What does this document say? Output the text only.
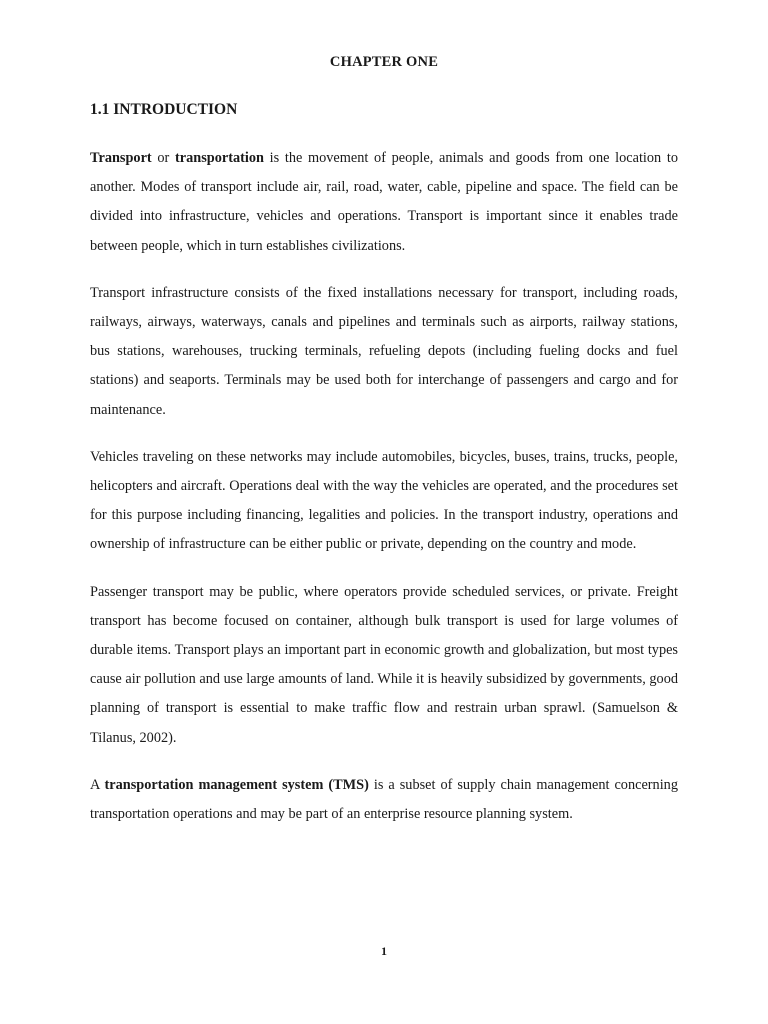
CHAPTER ONE
1.1 INTRODUCTION

Transport or transportation is the movement of people, animals and goods from one location to another. Modes of transport include air, rail, road, water, cable, pipeline and space. The field can be divided into infrastructure, vehicles and operations. Transport is important since it enables trade between people, which in turn establishes civilizations.

Transport infrastructure consists of the fixed installations necessary for transport, including roads, railways, airways, waterways, canals and pipelines and terminals such as airports, railway stations, bus stations, warehouses, trucking terminals, refueling depots (including fueling docks and fuel stations) and seaports. Terminals may be used both for interchange of passengers and cargo and for maintenance.

Vehicles traveling on these networks may include automobiles, bicycles, buses, trains, trucks, people, helicopters and aircraft. Operations deal with the way the vehicles are operated, and the procedures set for this purpose including financing, legalities and policies. In the transport industry, operations and ownership of infrastructure can be either public or private, depending on the country and mode.

Passenger transport may be public, where operators provide scheduled services, or private. Freight transport has become focused on container, although bulk transport is used for large volumes of durable items. Transport plays an important part in economic growth and globalization, but most types cause air pollution and use large amounts of land. While it is heavily subsidized by governments, good planning of transport is essential to make traffic flow and restrain urban sprawl. (Samuelson & Tilanus, 2002).

A transportation management system (TMS) is a subset of supply chain management concerning transportation operations and may be part of an enterprise resource planning system.

1
